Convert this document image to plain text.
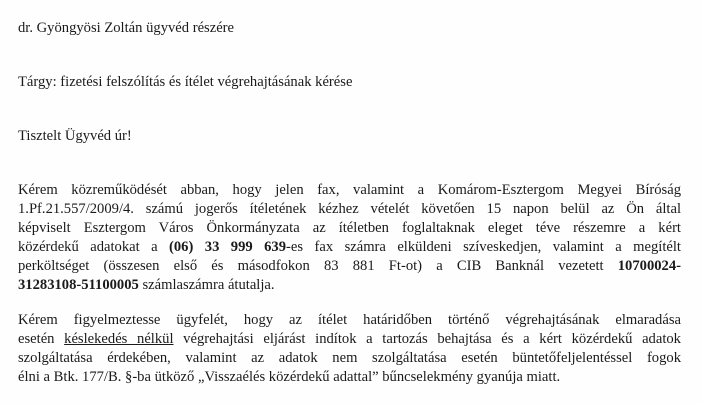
dr. Gyöngyösi Zoltán ügyvéd részére
Tárgy: fizetési felszólítás és ítélet végrehajtásának kérése
Tisztelt Ügyvéd úr!
Kérem közreműködését abban, hogy jelen fax, valamint a Komárom-Esztergom Megyei Bíróság
1.Pf.21.557/2009/4. számú jogerős ítéletének kézhez vételét követően 15 napon belül az Ön által
képviselt Esztergom Város Önkormányzata az ítéletben foglaltaknak eleget téve részemre a kért
közérdekű adatokat a (06) 33 999 639-es fax számra elküldeni szíveskedjen, valamint a megítélt
perköltséget (összesen első és másodfokon 83 881 Ft-ot) a CIB Banknál vezetett 10700024-
31283108-51100005 számlaszámra átutalja.
Kérem figyelmeztesse ügyfelét, hogy az ítélet határidőben történő végrehajtásának elmaradása
esetén késlekedés nélkül végrehajtási eljárást indítok a tartozás behajtása és a kért közérdekű adatok
szolgáltatása érdekében, valamint az adatok nem szolgáltatása esetén büntetőfeljelentéssel fogok
élni a Btk. 177/B. §-ba ütköző „Visszaélés közérdekű adattal” bűncselekmény gyanúja miatt.
